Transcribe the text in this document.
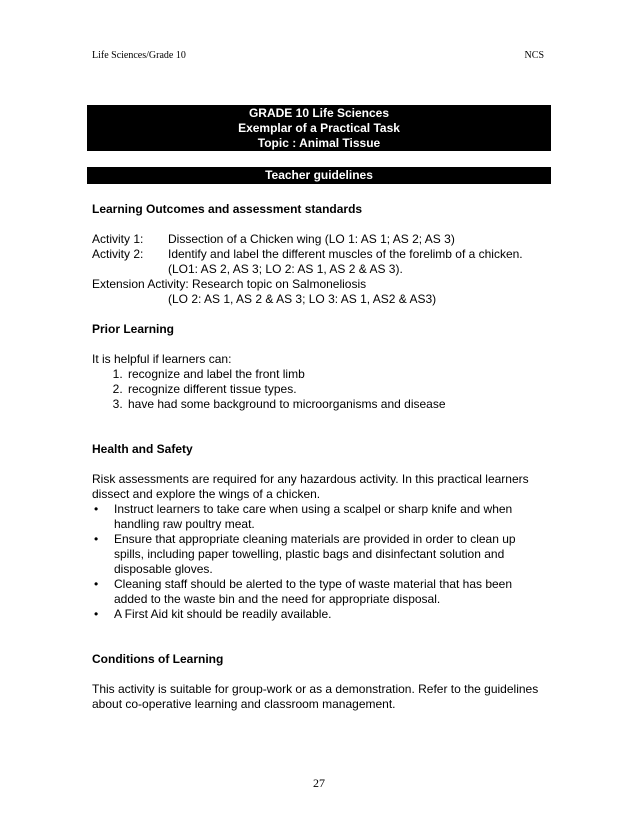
Life Sciences/Grade 10	NCS
GRADE 10 Life Sciences
Exemplar of a Practical Task
Topic : Animal Tissue
Teacher guidelines

Learning Outcomes and assessment standards

Activity 1:	Dissection of a Chicken wing (LO 1: AS 1; AS 2; AS 3)
Activity 2:	Identify and label the different muscles of the forelimb of a chicken.
(LO1: AS 2, AS 3; LO 2: AS 1, AS 2 & AS 3).
Extension Activity: Research topic on Salmoneliosis
(LO 2: AS 1, AS 2 & AS 3; LO 3: AS 1, AS2 & AS3)

Prior Learning

It is helpful if learners can:
1. recognize and label the front limb
2. recognize different tissue types.
3. have had some background to microorganisms and disease

Health and Safety

Risk assessments are required for any hazardous activity. In this practical learners dissect and explore the wings of a chicken.
•	Instruct learners to take care when using a scalpel or sharp knife and when handling raw poultry meat.
•	Ensure that appropriate cleaning materials are provided in order to clean up spills, including paper towelling, plastic bags and disinfectant solution and disposable gloves.
•	Cleaning staff should be alerted to the type of waste material that has been added to the waste bin and the need for appropriate disposal.
•	A First Aid kit should be readily available.

Conditions of Learning

This activity is suitable for group-work or as a demonstration. Refer to the guidelines about co-operative learning and classroom management.
27
